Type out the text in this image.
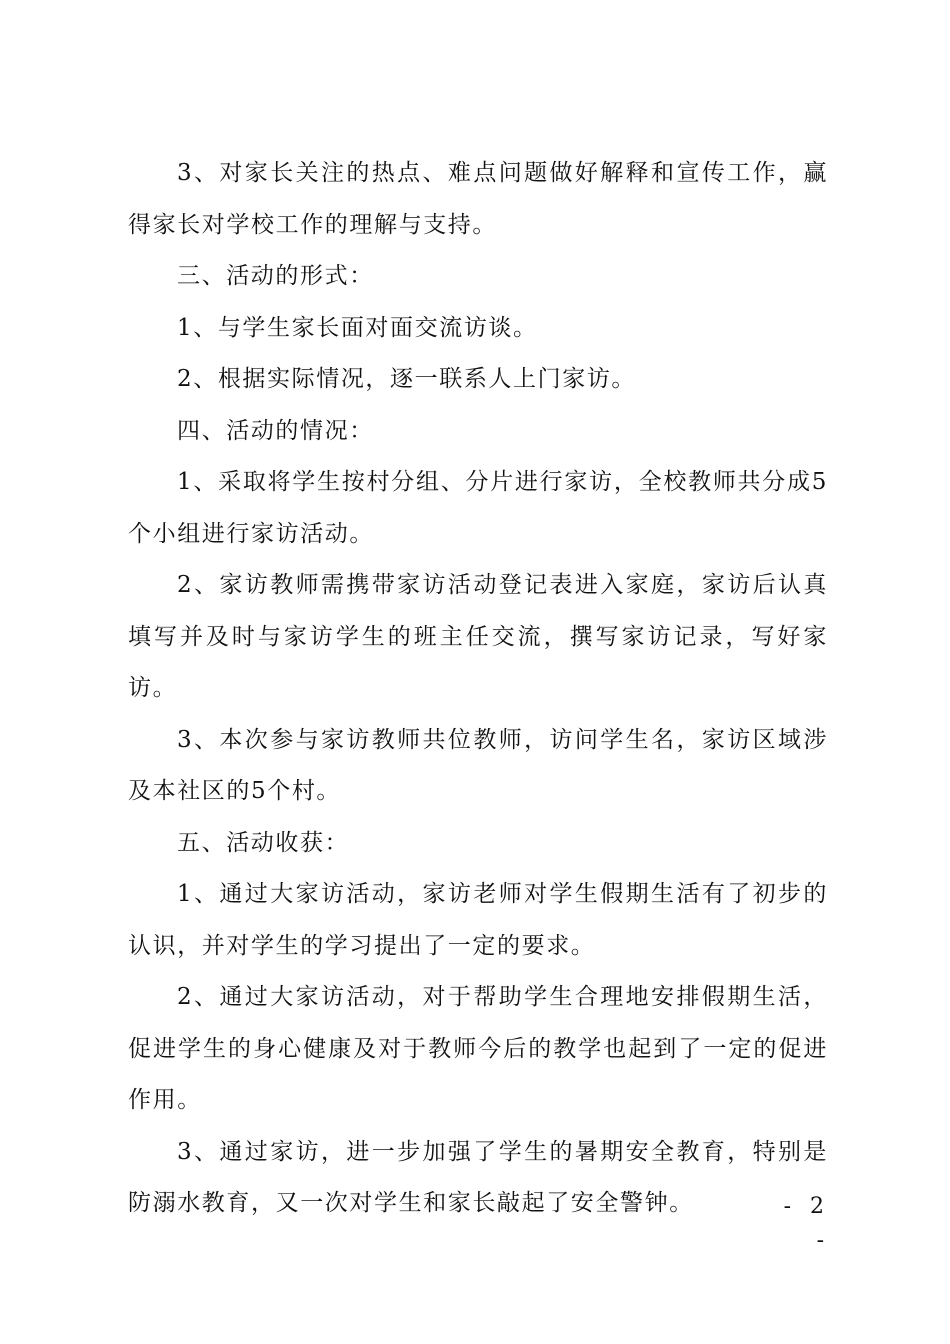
3、对家长关注的热点、难点问题做好解释和宣传工作，赢得家长对学校工作的理解与支持。

三、活动的形式：

1、与学生家长面对面交流访谈。

2、根据实际情况，逐一联系人上门家访。

四、活动的情况：

1、采取将学生按村分组、分片进行家访，全校教师共分成5个小组进行家访活动。

2、家访教师需携带家访活动登记表进入家庭，家访后认真填写并及时与家访学生的班主任交流，撰写家访记录，写好家访。

3、本次参与家访教师共位教师，访问学生名，家访区域涉及本社区的5个村。

五、活动收获：

1、通过大家访活动，家访老师对学生假期生活有了初步的认识，并对学生的学习提出了一定的要求。

2、通过大家访活动，对于帮助学生合理地安排假期生活，促进学生的身心健康及对于教师今后的教学也起到了一定的促进作用。

3、通过家访，进一步加强了学生的暑期安全教育，特别是防溺水教育，又一次对学生和家长敲起了安全警钟。	- 2 -
